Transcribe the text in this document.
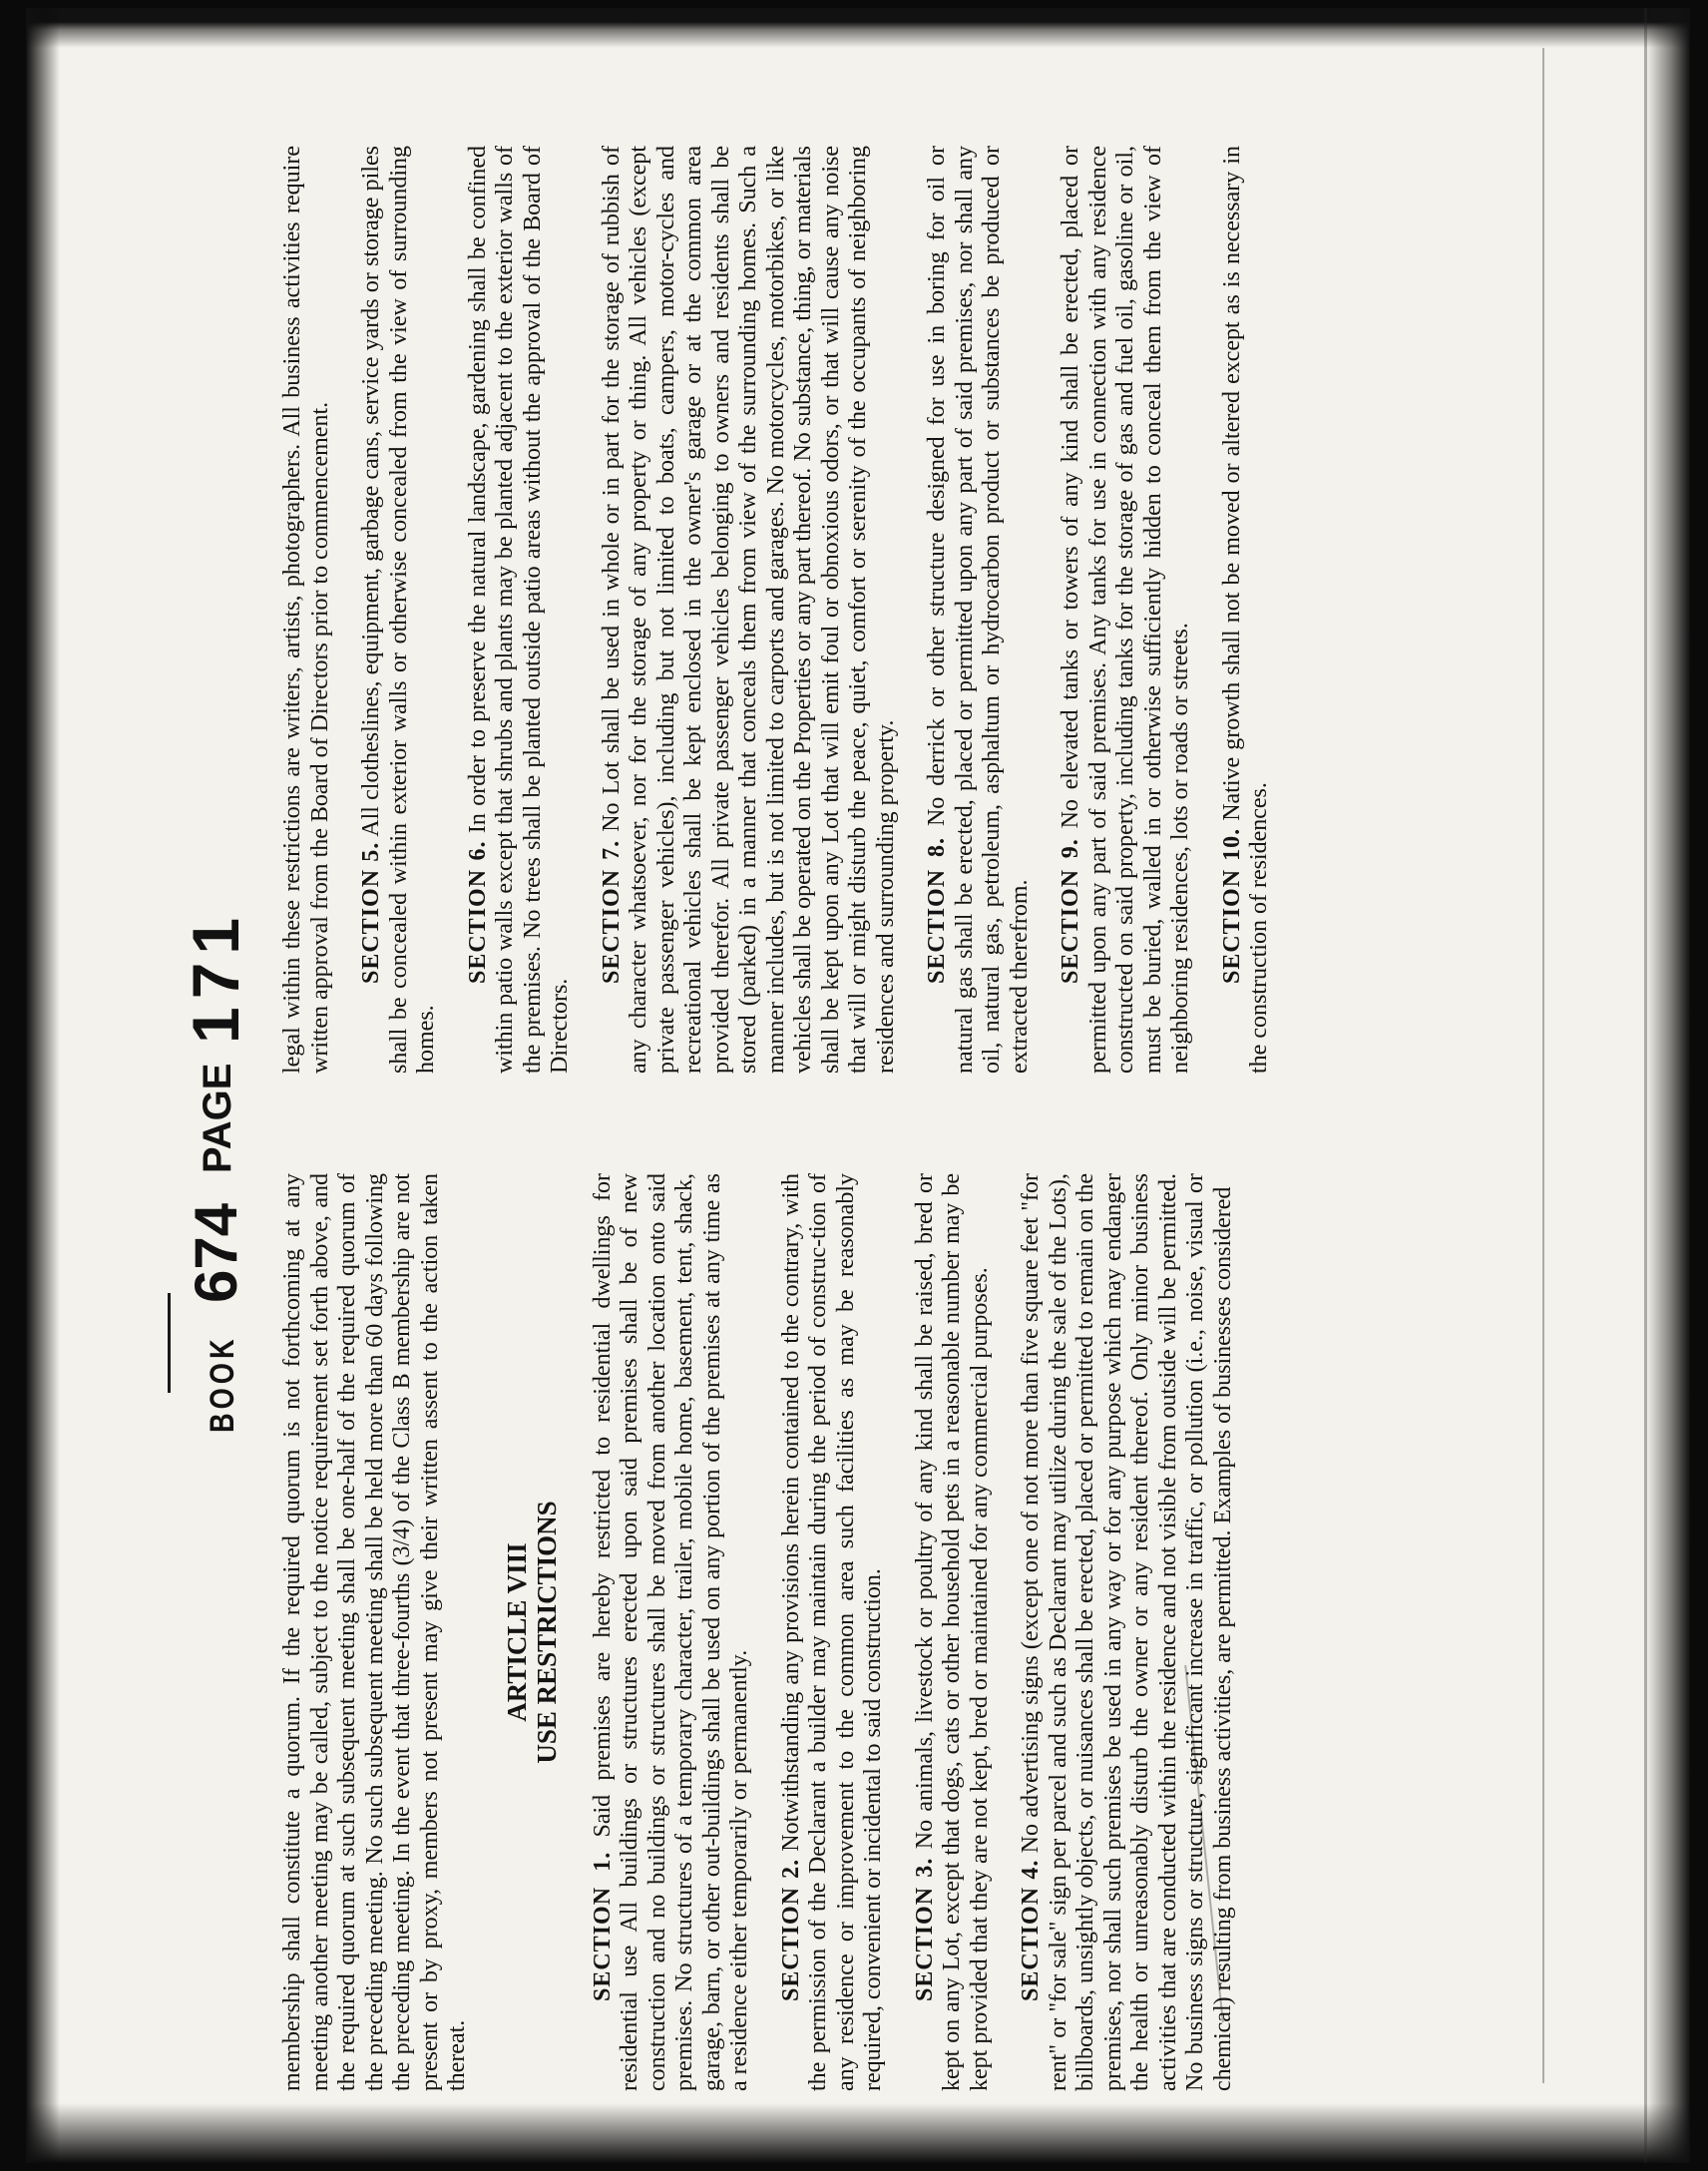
BOOK
674
PAGE
171

membership shall constitute a quorum. If the required quorum is not forthcoming at any meeting another meeting may be called, subject to the notice requirement set forth above, and the required quorum at such subsequent meeting shall be one-half of the required quorum of the preceding meeting. No such subsequent meeting shall be held more than 60 days following the preceding meeting. In the event that three-fourths (3/4) of the Class B membership are not present or by proxy, members not present may give their written assent to the action taken thereat.

ARTICLE VIII USE RESTRICTIONS

SECTION 1. Said premises are hereby restricted to residential dwellings for residential use All buildings or structures erected upon said premises shall be of new construction and no buildings or structures shall be moved from another location onto said premises. No structures of a temporary character, trailer, mobile home, basement, tent, shack, garage, barn, or other out-buildings shall be used on any portion of the premises at any time as a residence either temporarily or permanently. SECTION 2. Notwithstanding any provisions herein contained to the contrary, with the permission of the Declarant a builder may maintain during the period of construc-tion of any residence or improvement to the common area such facilities as may be reasonably required, convenient or incidental to said construction. SECTION 3. No animals, livestock or poultry of any kind shall be raised, bred or kept on any Lot, except that dogs, cats or other household pets in a reasonable number may be kept provided that they are not kept, bred or maintained for any commercial purposes. SECTION 4. No advertising signs (except one of not more than five square feet "for rent" or "for sale" sign per parcel and such as Declarant may utilize during the sale of the Lots), billboards, unsightly objects, or nuisances shall be erected, placed or permitted to remain on the premises, nor shall such premises be used in any way or for any purpose which may endanger the health or unreasonably disturb the owner or any resident thereof. Only minor business activities that are conducted within the residence and not visible from outside will be permitted. No business signs or structure, significant increase in traffic, or pollution (i.e., noise, visual or chemical) resulting from business activities, are permitted. Examples of businesses considered

legal within these restrictions are writers, artists, photographers. All business activities require written approval from the Board of Directors prior to commencement. SECTION 5. All clotheslines, equipment, garbage cans, service yards or storage piles shall be concealed within exterior walls or otherwise concealed from the view of surrounding homes.

SECTION 6. In order to preserve the natural landscape, gardening shall be confined within patio walls except that shrubs and plants may be planted adjacent to the exterior walls of the premises. No trees shall be planted outside patio areas without the approval of the Board of Directors.

SECTION 7. No Lot shall be used in whole or in part for the storage of rubbish of any character whatsoever, nor for the storage of any property or thing. All vehicles (except private passenger vehicles), including but not limited to boats, campers, motor-cycles and recreational vehicles shall be kept enclosed in the owner's garage or at the common area provided therefor. All private passenger vehicles belonging to owners and residents shall be stored (parked) in a manner that conceals them from view of the surrounding homes. Such a manner includes, but is not limited to carports and garages. No motorcycles, motorbikes, or like vehicles shall be operated on the Properties or any part thereof. No substance, thing, or materials shall be kept upon any Lot that will emit foul or obnoxious odors, or that will cause any noise that will or might disturb the peace, quiet, comfort or serenity of the occupants of neighboring residences and surrounding property. SECTION 8. No derrick or other structure designed for use in boring for oil or natural gas shall be erected, placed or permitted upon any part of said premises, nor shall any oil, natural gas, petroleum, asphaltum or hydrocarbon product or substances be produced or extracted therefrom. SECTION 9. No elevated tanks or towers of any kind shall be erected, placed or permitted upon any part of said premises. Any tanks for use in connection with any residence constructed on said property, including tanks for the storage of gas and fuel oil, gasoline or oil, must be buried, walled in or otherwise sufficiently hidden to conceal them from the view of neighboring residences, lots or roads or streets. SECTION 10. Native growth shall not be moved or altered except as is necessary in the construction of residences.
